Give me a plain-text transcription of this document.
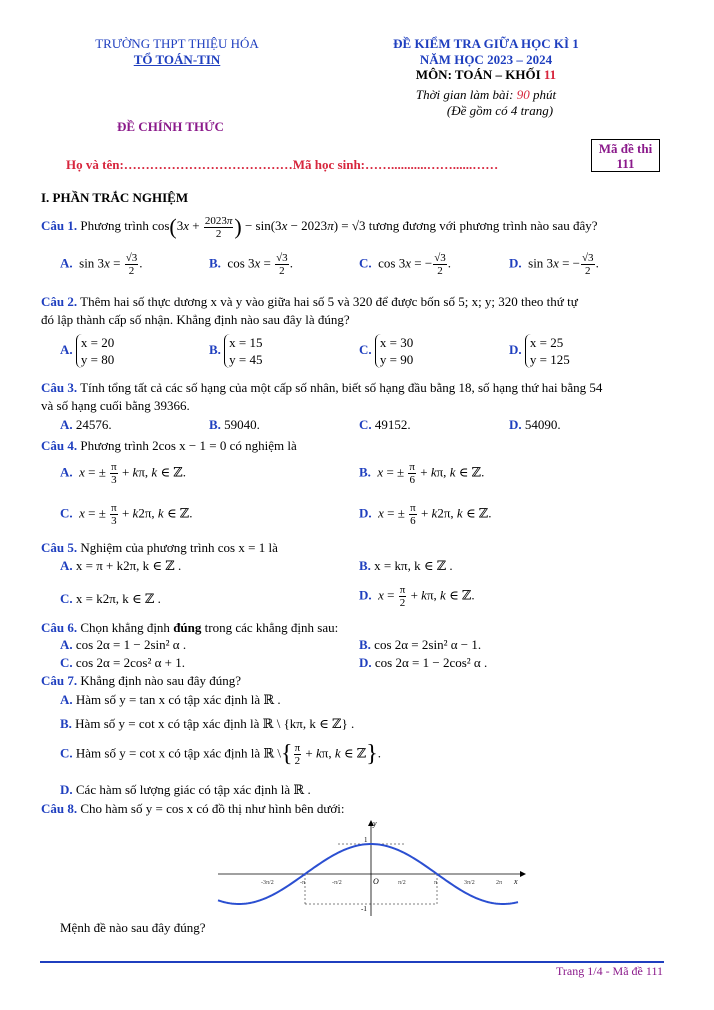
TRƯỜNG THPT THIỆU HÓA
TỔ TOÁN-TIN
ĐỀ KIỂM TRA GIỮA HỌC KÌ 1
NĂM HỌC 2023 – 2024
MÔN: TOÁN – KHỐI 11
Thời gian làm bài: 90 phút
(Đề gồm có 4 trang)
ĐỀ CHÍNH THỨC
Mã đề thi
111
Họ và tên:…………………………………Mã học sinh:……...........……......……
I. PHẦN TRẮC NGHIỆM
Câu 1. Phương trình $\cos(3x + \frac{2023\pi}{2}$ ) − sin(3x − 2023π) = √3 tương đương với phương trình nào sau đây?
A.  $\sin 3x = \frac{√3}{2}$ .	B.  $\cos 3x = \frac{√3}{2}$ .	C.  cos 3x = − $\frac{√3}{2}$ .	D.  sin 3x = − $\frac{√3}{2}$ .
Câu 2. Thêm hai số thực dương x và y vào giữa hai số 5 và 320 để được bốn số 5; x; y; 320 theo thứ tự
đó lập thành cấp số nhận. Khẳng định nào sau đây là đúng?
A. x = 20
y = 80
B. x = 15
y = 45
C. x = 30
y = 90
D. x = 25
y = 125
Câu 3. Tính tổng tất cả các số hạng của một cấp số nhân, biết số hạng đầu bằng 18, số hạng thứ hai bằng 54
và số hạng cuối bằng 39366.
A. 24576.	B. 59040.	C. 49152.	D. 54090.
Câu 4. Phương trình 2cos x − 1 = 0 có nghiệm là
A. x = ± $\frac{\pi}{3} + k\pi$, k ∈ ℤ.	B. x = ± $\frac{\pi}{6} + k\pi$, k ∈ ℤ.
C. x = ± $\frac{\pi}{3} + k2\pi$, k ∈ ℤ.	D. x = ± $\frac{\pi}{6} + k2\pi$, k ∈ ℤ.
Câu 5. Nghiệm của phương trình cos x = 1 là
A. x = π + k2π, k ∈ ℤ .	B. x = kπ, k ∈ ℤ .
C. x = k2π, k ∈ ℤ .	D. $x = \frac{\pi}{2} + k\pi$, k ∈ ℤ.
Câu 6. Chọn khẳng định đúng trong các khẳng định sau:
A. cos 2α = 1 − 2sin² α .	B. cos 2α = 2sin² α − 1.
C. cos 2α = 2cos² α + 1.	D. cos 2α = 1 − 2cos² α .
Câu 7. Khẳng định nào sau đây đúng?
A. Hàm số y = tan x có tập xác định là ℝ .
B. Hàm số y = cot x có tập xác định là ℝ \ {kπ, k ∈ ℤ} .
C. Hàm số y = cot x có tập xác định là ℝ \{ $\frac{\pi}{2} + k\pi$, k ∈ ℤ}.
D. Các hàm số lượng giác có tập xác định là ℝ .
Câu 8. Cho hàm số y = cos x có đồ thị như hình bên dưới:
y
x
O
1
-1
-3π/2	-π	-π/2	π/2	π	3π/2	2π
Mệnh đề nào sau đây đúng?
Trang 1/4 - Mã đề 111
